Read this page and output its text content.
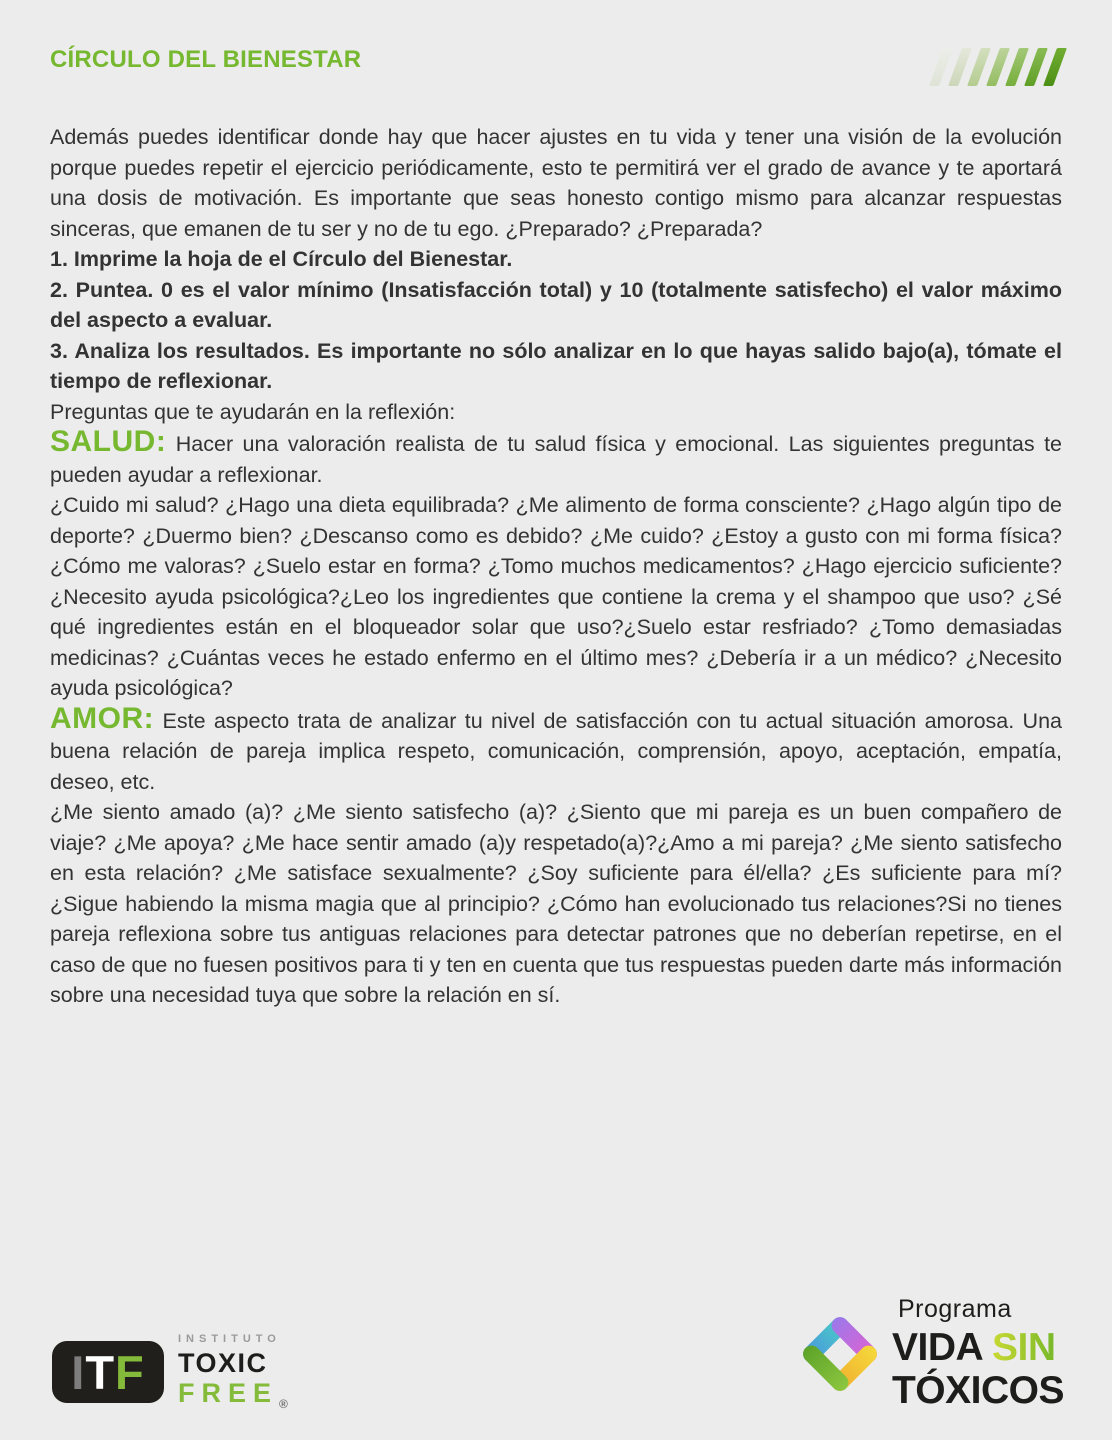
CÍRCULO DEL BIENESTAR

Además puedes identificar donde hay que hacer ajustes en tu vida y tener una visión de la evolución porque puedes repetir el ejercicio periódicamente, esto te permitirá ver el grado de avance y te aportará una dosis de motivación. Es importante que seas honesto contigo mismo para alcanzar respuestas sinceras, que emanen de tu ser y no de tu ego. ¿Preparado? ¿Preparada?

1. Imprime la hoja de el Círculo del Bienestar.

2. Puntea. 0 es el valor mínimo (Insatisfacción total) y 10 (totalmente satisfecho) el valor máximo del aspecto a evaluar.

3. Analiza los resultados. Es importante no sólo analizar en lo que hayas salido bajo(a), tómate el tiempo de reflexionar.

Preguntas que te ayudarán en la reflexión:

SALUD: Hacer una valoración realista de tu salud física y emocional. Las siguientes preguntas te pueden ayudar a reflexionar.

¿Cuido mi salud? ¿Hago una dieta equilibrada? ¿Me alimento de forma consciente? ¿Hago algún tipo de deporte? ¿Duermo bien? ¿Descanso como es debido? ¿Me cuido? ¿Estoy a gusto con mi forma física? ¿Cómo me valoras? ¿Suelo estar en forma? ¿Tomo muchos medicamentos? ¿Hago ejercicio suficiente? ¿Necesito ayuda psicológica?¿Leo los ingredientes que contiene la crema y el shampoo que uso? ¿Sé qué ingredientes están en el bloqueador solar que uso?¿Suelo estar resfriado? ¿Tomo demasiadas medicinas? ¿Cuántas veces he estado enfermo en el último mes? ¿Debería ir a un médico? ¿Necesito ayuda psicológica?

AMOR: Este aspecto trata de analizar tu nivel de satisfacción con tu actual situación amorosa. Una buena relación de pareja implica respeto, comunicación, comprensión, apoyo, aceptación, empatía, deseo, etc.

¿Me siento amado (a)? ¿Me siento satisfecho (a)? ¿Siento que mi pareja es un buen compañero de viaje? ¿Me apoya? ¿Me hace sentir amado (a)y respetado(a)?¿Amo a mi pareja? ¿Me siento satisfecho en esta relación? ¿Me satisface sexualmente? ¿Soy suficiente para él/ella? ¿Es suficiente para mí? ¿Sigue habiendo la misma magia que al principio? ¿Cómo han evolucionado tus relaciones?Si no tienes pareja reflexiona sobre tus antiguas relaciones para detectar patrones que no deberían repetirse, en el caso de que no fuesen positivos para ti y ten en cuenta que tus respuestas pueden darte más información sobre una necesidad tuya que sobre la relación en sí.

I T F
INSTITUTO
TOXIC
$FREE_®$
Programa
VIDA SIN
TÓXICOS
